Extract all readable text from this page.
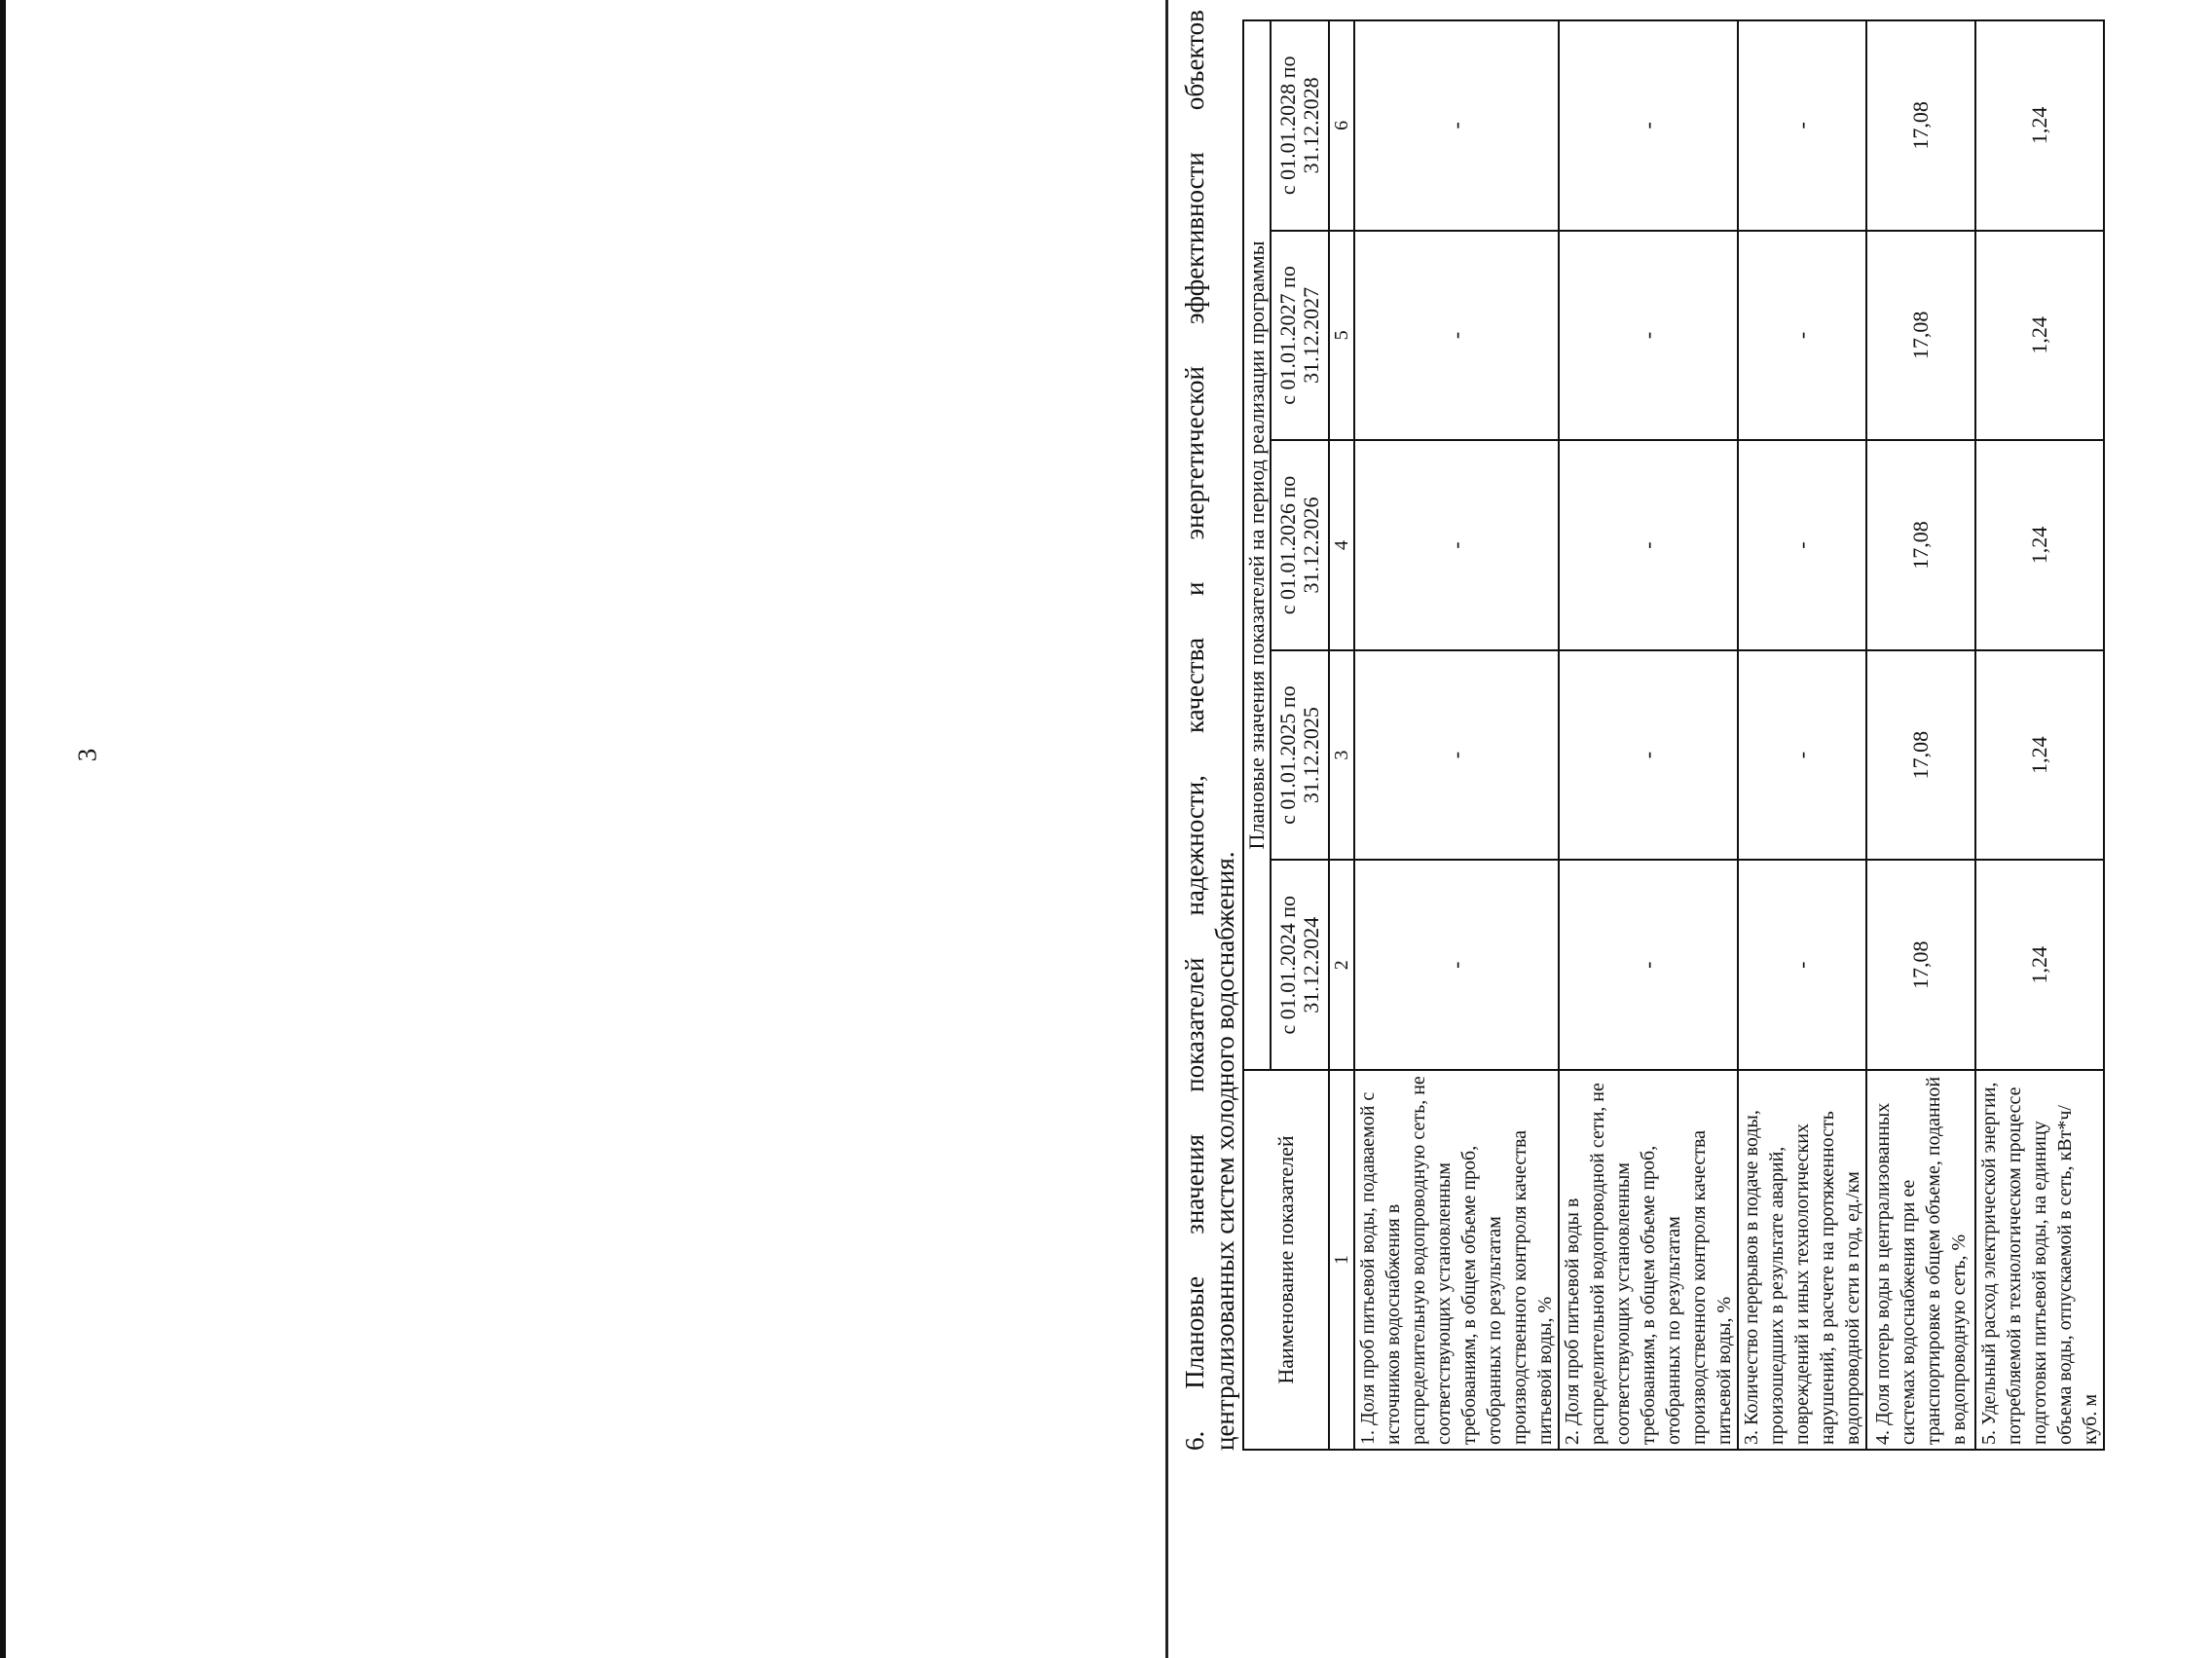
3
6.
Плановые
значения
показателей
надежности,
качества
и
энергетической
эффективности
объектов
централизованных систем холодного водоснабжения. Наименование показателей	Плановые значения показателей на период реализации программы				
	с 01.01.2024 по 31.12.2024	с 01.01.2025 по 31.12.2025	с 01.01.2026 по 31.12.2026	с 01.01.2027 по 31.12.2027	с 01.01.2028 по 31.12.2028
1	2	3	4	5	6
1. Доля проб питьевой воды, подаваемой с источников водоснабжения в распределительную водопроводную сеть, не соответствующих установленным требованиям, в общем объеме проб, отобранных по результатам производственного контроля качества питьевой воды, %	-	-	-	-	-
2. Доля проб питьевой воды в распределительной водопроводной сети, не соответствующих установленным требованиям, в общем объеме проб, отобранных по результатам производственного контроля качества питьевой воды, %	-	-	-	-	-
3. Количество перерывов в подаче воды, произошедших в результате аварий, повреждений и иных технологических нарушений, в расчете на протяженность водопроводной сети в год, ед./км	-	-	-	-	-
4. Доля потерь воды в централизованных системах водоснабжения при ее транспортировке в общем объеме, поданной в водопроводную сеть, %	17,08	17,08	17,08	17,08	17,08
5. Удельный расход электрической энергии, потребляемой в технологическом процессе подготовки питьевой воды, на единицу объема воды, отпускаемой в сеть, кВт*ч/куб. м	1,24	1,24	1,24	1,24	1,24
